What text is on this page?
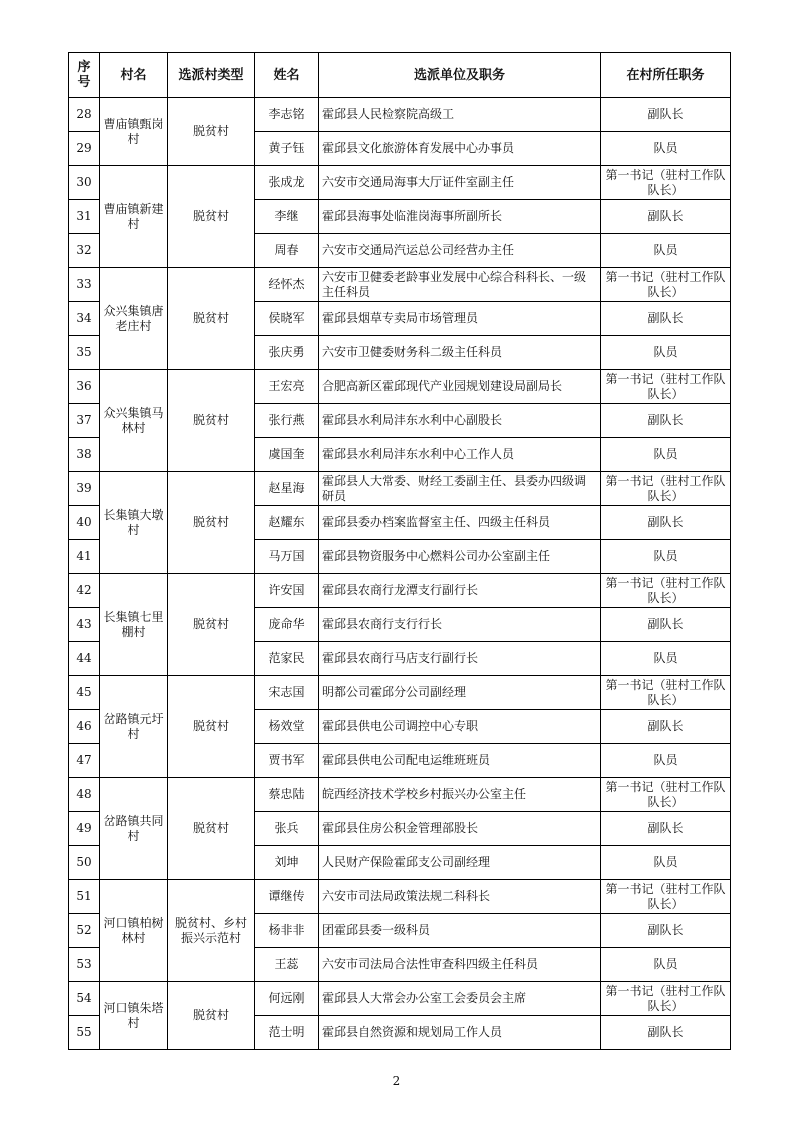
序号	村名	选派村类型	姓名	选派单位及职务	在村所任职务
28	曹庙镇甄岗村	脱贫村	李志铭	霍邱县人民检察院高级工	副队长
29			黄子钰	霍邱县文化旅游体育发展中心办事员	队员
30	曹庙镇新建村	脱贫村	张成龙	六安市交通局海事大厅证件室副主任	第一书记（驻村工作队队长）
31			李继	霍邱县海事处临淮岗海事所副所长	副队长
32			周春	六安市交通局汽运总公司经营办主任	队员
33	众兴集镇唐老庄村	脱贫村	经怀杰	六安市卫健委老龄事业发展中心综合科科长、一级主任科员	第一书记（驻村工作队队长）
34			侯晓军	霍邱县烟草专卖局市场管理员	副队长
35			张庆勇	六安市卫健委财务科二级主任科员	队员
36	众兴集镇马林村	脱贫村	王宏亮	合肥高新区霍邱现代产业园规划建设局副局长	第一书记（驻村工作队队长）
37			张行燕	霍邱县水利局沣东水利中心副股长	副队长
38			虞国奎	霍邱县水利局沣东水利中心工作人员	队员
39	长集镇大墩村	脱贫村	赵星海	霍邱县人大常委、财经工委副主任、县委办四级调研员	第一书记（驻村工作队队长）
40			赵耀东	霍邱县委办档案监督室主任、四级主任科员	副队长
41			马万国	霍邱县物资服务中心燃料公司办公室副主任	队员
42	长集镇七里棚村	脱贫村	许安国	霍邱县农商行龙潭支行副行长	第一书记（驻村工作队队长）
43			庞命华	霍邱县农商行支行行长	副队长
44			范家民	霍邱县农商行马店支行副行长	队员
45	岔路镇元圩村	脱贫村	宋志国	明都公司霍邱分公司副经理	第一书记（驻村工作队队长）
46			杨效堂	霍邱县供电公司调控中心专职	副队长
47			贾书军	霍邱县供电公司配电运维班班员	队员
48	岔路镇共同村	脱贫村	蔡忠陆	皖西经济技术学校乡村振兴办公室主任	第一书记（驻村工作队队长）
49			张兵	霍邱县住房公积金管理部股长	副队长
50			刘坤	人民财产保险霍邱支公司副经理	队员
51	河口镇柏树林村	脱贫村、乡村振兴示范村	谭继传	六安市司法局政策法规二科科长	第一书记（驻村工作队队长）
52			杨非非	团霍邱县委一级科员	副队长
53			王蕊	六安市司法局合法性审查科四级主任科员	队员
54	河口镇朱塔村	脱贫村	何远刚	霍邱县人大常会办公室工会委员会主席	第一书记（驻村工作队队长）
55			范士明	霍邱县自然资源和规划局工作人员	副队长
2
